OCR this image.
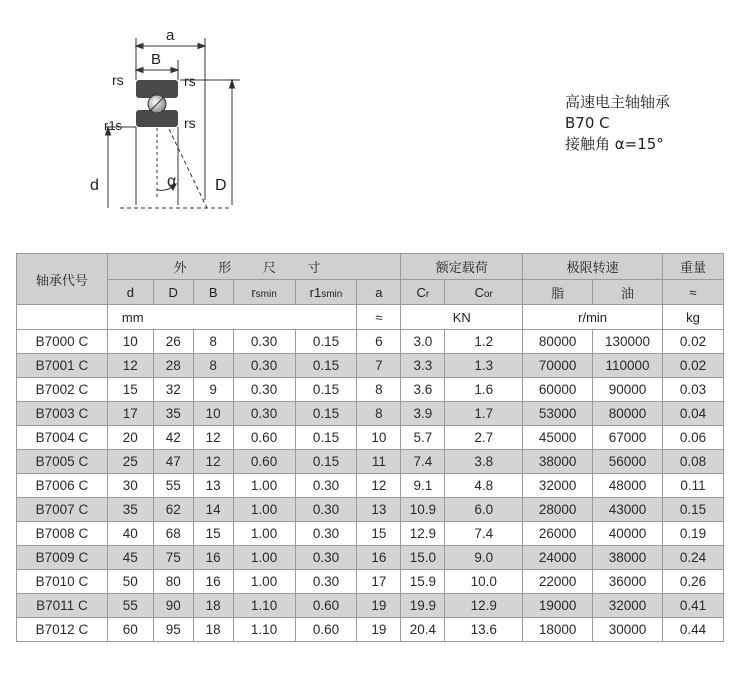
a
B
rs	rs
r1s	rs
d	α D
高速电主轴轴承
B70 C
接触角 α=15°
轴承代号	外 形 尺 寸						额定载荷		极限转速		重量
	d	D	B	rsmin	r1smin	a	Cr	Cor	脂	油	≈
	mm					≈	KN		r/min		kg
B7000 C	10	26	8	0.30	0.15	6	3.0	1.2	80000	130000	0.02
B7001 C	12	28	8	0.30	0.15	7	3.3	1.3	70000	110000	0.02
B7002 C	15	32	9	0.30	0.15	8	3.6	1.6	60000	90000	0.03
B7003 C	17	35	10	0.30	0.15	8	3.9	1.7	53000	80000	0.04
B7004 C	20	42	12	0.60	0.15	10	5.7	2.7	45000	67000	0.06
B7005 C	25	47	12	0.60	0.15	11	7.4	3.8	38000	56000	0.08
B7006 C	30	55	13	1.00	0.30	12	9.1	4.8	32000	48000	0.11
B7007 C	35	62	14	1.00	0.30	13	10.9	6.0	28000	43000	0.15
B7008 C	40	68	15	1.00	0.30	15	12.9	7.4	26000	40000	0.19
B7009 C	45	75	16	1.00	0.30	16	15.0	9.0	24000	38000	0.24
B7010 C	50	80	16	1.00	0.30	17	15.9	10.0	22000	36000	0.26
B7011 C	55	90	18	1.10	0.60	19	19.9	12.9	19000	32000	0.41
B7012 C	60	95	18	1.10	0.60	19	20.4	13.6	18000	30000	0.44
